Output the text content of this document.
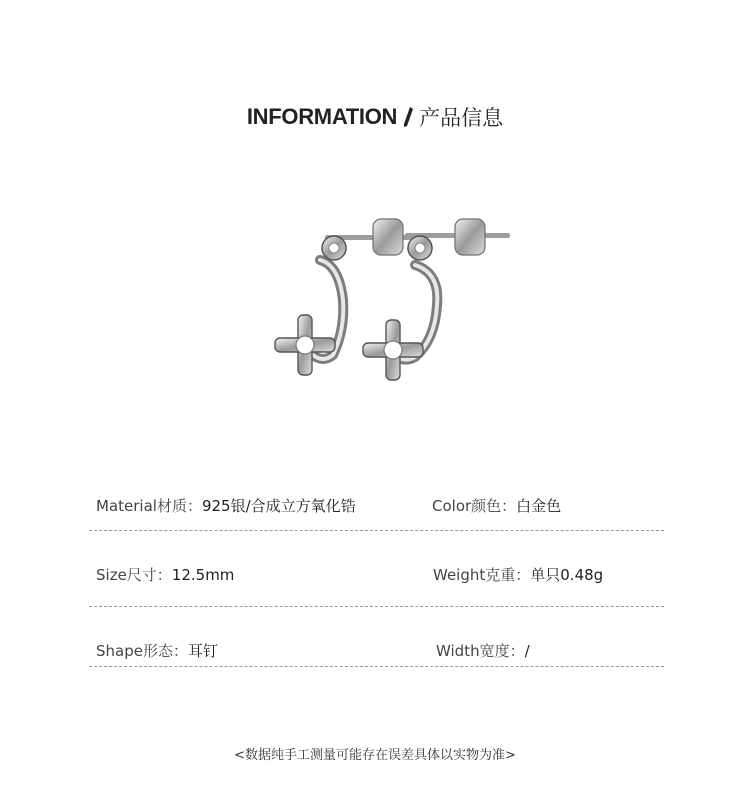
INFORMATION 产品信息
Material材质： 925银/合成立方氧化锆	Color颜色： 白金色
Size尺寸： 12.5mm	Weight克重： 单只0.48g
Shape形态： 耳钉	Width宽度： /
<数据纯手工测量可能存在误差具体以实物为准>
